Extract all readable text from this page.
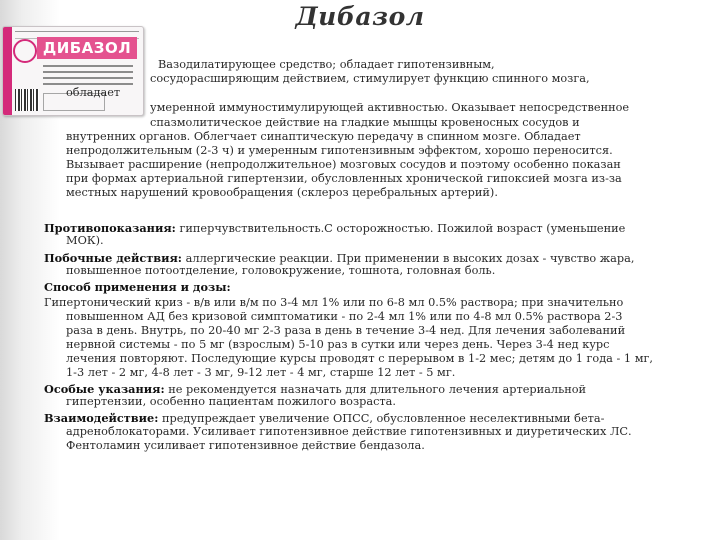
Дибазол
ДИБАЗОЛ
Вазодилатирующее средство; обладает гипотензивным,
сосудорасширяющим действием, стимулирует функцию спинного мозга,
обладает
умеренной иммуностимулирующей активностью. Оказывает непосредственное
спазмолитическое действие на гладкие мышцы кровеносных сосудов и
внутренних органов. Облегчает синаптическую передачу в спинном мозге. Обладает
непродолжительным (2-3 ч) и умеренным гипотензивным эффектом, хорошо переносится.
Вызывает расширение (непродолжительное) мозговых сосудов и поэтому особенно показан
при формах артериальной гипертензии, обусловленных хронической гипоксией мозга из-за
местных нарушений кровообращения (склероз церебральных артерий).
Противопоказания: гиперчувствительность.С осторожностью. Пожилой возраст (уменьшение
МОК).
Побочные действия: аллергические реакции. При применении в высоких дозах - чувство жара,
повышенное потоотделение, головокружение, тошнота, головная боль.
Способ применения и дозы:
Гипертонический криз - в/в или в/м по 3-4 мл 1% или по 6-8 мл 0.5% раствора; при значительно
повышенном АД без кризовой симптоматики - по 2-4 мл 1% или по 4-8 мл 0.5% раствора 2-3
раза в день. Внутрь, по 20-40 мг 2-3 раза в день в течение 3-4 нед. Для лечения заболеваний
нервной системы - по 5 мг (взрослым) 5-10 раз в сутки или через день. Через 3-4 нед курс
лечения повторяют. Последующие курсы проводят с перерывом в 1-2 мес; детям до 1 года - 1 мг,
1-3 лет - 2 мг, 4-8 лет - 3 мг, 9-12 лет - 4 мг, старше 12 лет - 5 мг.
Особые указания: не рекомендуется назначать для длительного лечения артериальной
гипертензии, особенно пациентам пожилого возраста.
Взаимодействие: предупреждает увеличение ОПСС, обусловленное неселективными бета-
адреноблокаторами. Усиливает гипотензивное действие гипотензивных и диуретических ЛС.
Фентоламин усиливает гипотензивное действие бендазола.
